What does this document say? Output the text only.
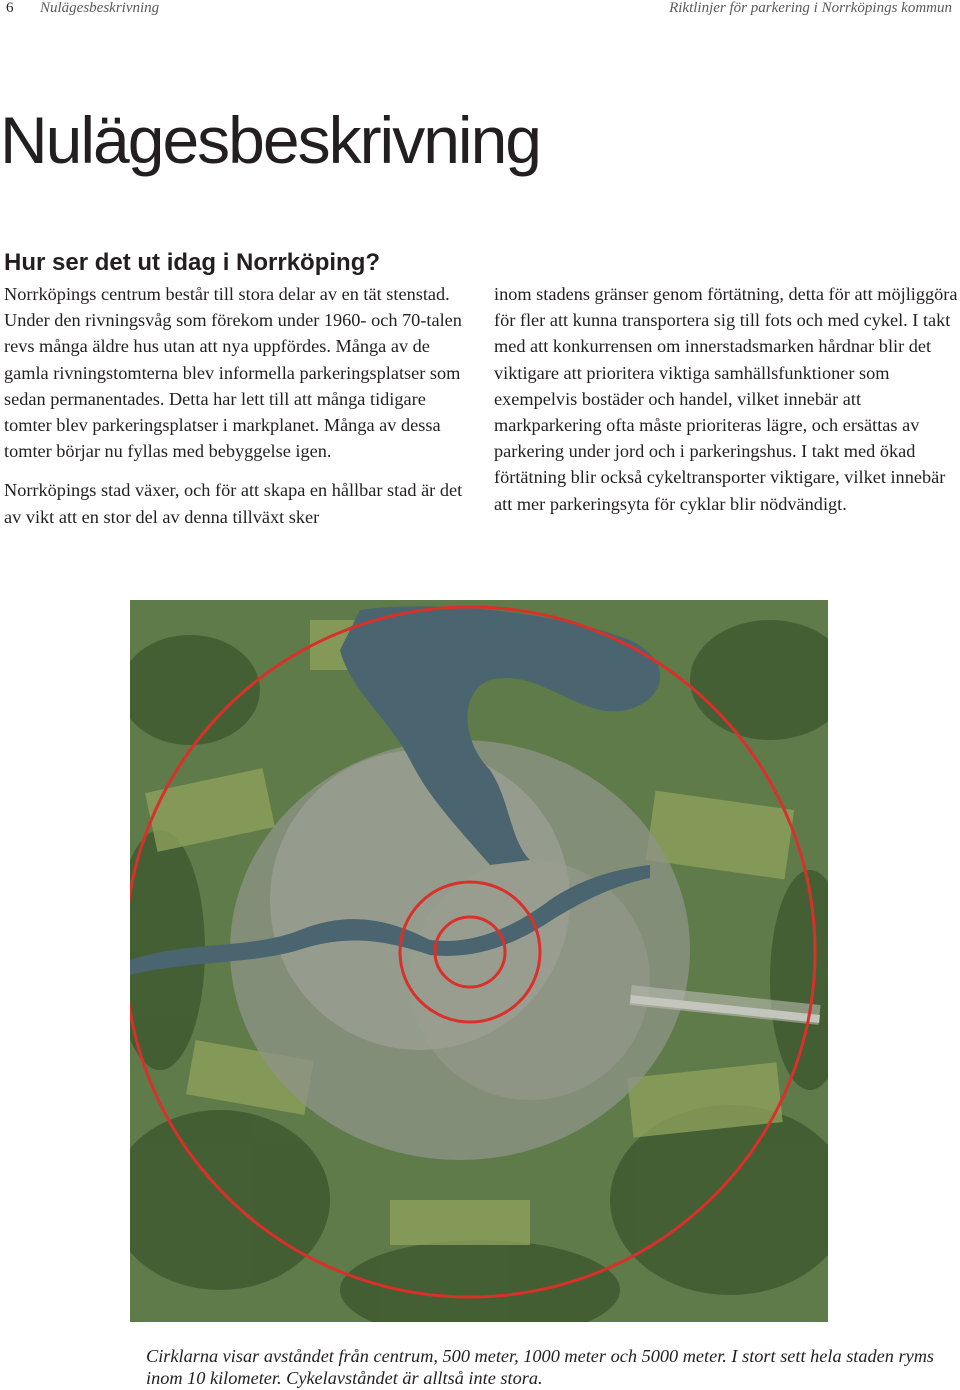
6 Nulägesbeskrivning	Riktlinjer för parkering i Norrköpings kommun
Nulägesbeskrivning
Hur ser det ut idag i Norrköping?

Norrköpings centrum består till stora delar av en tät stenstad. Under den rivningsvåg som förekom under 1960- och 70-talen revs många äldre hus utan att nya uppfördes. Många av de gamla rivningstomterna blev informella parkeringsplatser som sedan permanentades. Detta har lett till att många tidigare tomter blev parkeringsplatser i markplanet. Många av dessa tomter börjar nu fyllas med bebyggelse igen.

Norrköpings stad växer, och för att skapa en hållbar stad är det av vikt att en stor del av denna tillväxt sker

inom stadens gränser genom förtätning, detta för att möjliggöra för fler att kunna transportera sig till fots och med cykel. I takt med att konkurrensen om innerstadsmarken hårdnar blir det viktigare att prioritera viktiga samhällsfunktioner som exempelvis bostäder och handel, vilket innebär att markparkering ofta måste prioriteras lägre, och ersättas av parkering under jord och i parkeringshus. I takt med ökad förtätning blir också cykeltransporter viktigare, vilket innebär att mer parkeringsyta för cyklar blir nödvändigt.

Cirklarna visar avståndet från centrum, 500 meter, 1000 meter och 5000 meter. I stort sett hela staden ryms inom 10 kilometer. Cykelavståndet är alltså inte stora.
